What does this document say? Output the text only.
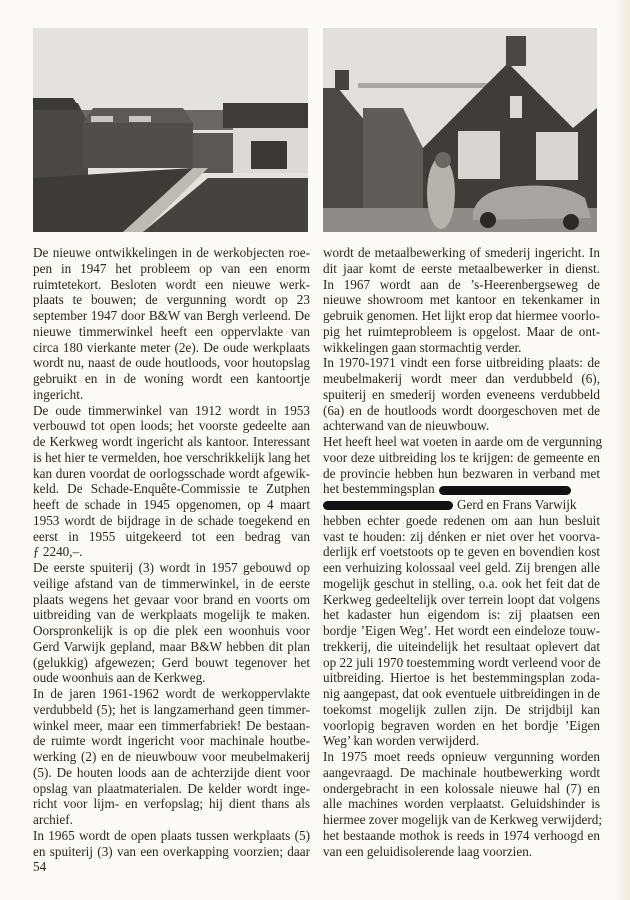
De nieuwe ontwikkelingen in de werkobjecten roe-
pen in 1947 het probleem op van een enorm
ruimtetekort. Besloten wordt een nieuwe werk-
plaats te bouwen; de vergunning wordt op 23
september 1947 door B&W van Bergh verleend. De
nieuwe timmerwinkel heeft een oppervlakte van
circa 180 vierkante meter (2e). De oude werkplaats
wordt nu, naast de oude houtloods, voor houtopslag
gebruikt en in de woning wordt een kantoortje
ingericht.
De oude timmerwinkel van 1912 wordt in 1953
verbouwd tot open loods; het voorste gedeelte aan
de Kerkweg wordt ingericht als kantoor. Interessant
is het hier te vermelden, hoe verschrikkelijk lang het
kan duren voordat de oorlogsschade wordt afgewik-
keld. De Schade-Enquête-Commissie te Zutphen
heeft de schade in 1945 opgenomen, op 4 maart
1953 wordt de bijdrage in de schade toegekend en
eerst in 1955 uitgekeerd tot een bedrag van
ƒ 2240,–.
De eerste spuiterij (3) wordt in 1957 gebouwd op
veilige afstand van de timmerwinkel, in de eerste
plaats wegens het gevaar voor brand en voorts om
uitbreiding van de werkplaats mogelijk te maken.
Oorspronkelijk is op die plek een woonhuis voor
Gerd Varwijk gepland, maar B&W hebben dit plan
(gelukkig) afgewezen; Gerd bouwt tegenover het
oude woonhuis aan de Kerkweg.
In de jaren 1961-1962 wordt de werkoppervlakte
verdubbeld (5); het is langzamerhand geen timmer-
winkel meer, maar een timmerfabriek! De bestaan-
de ruimte wordt ingericht voor machinale houtbe-
werking (2) en de nieuwbouw voor meubelmakerij
(5). De houten loods aan de achterzijde dient voor
opslag van plaatmaterialen. De kelder wordt inge-
richt voor lijm- en verfopslag; hij dient thans als
archief.
In 1965 wordt de open plaats tussen werkplaats (5)
en spuiterij (3) van een overkapping voorzien; daar
wordt de metaalbewerking of smederij ingericht. In
dit jaar komt de eerste metaalbewerker in dienst.
In 1967 wordt aan de ’s-Heerenbergseweg de
nieuwe showroom met kantoor en tekenkamer in
gebruik genomen. Het lijkt erop dat hiermee voorlo-
pig het ruimteprobleem is opgelost. Maar de ont-
wikkelingen gaan stormachtig verder.
In 1970-1971 vindt een forse uitbreiding plaats: de
meubelmakerij wordt meer dan verdubbeld (6),
spuiterij en smederij worden eveneens verdubbeld
(6a) en de houtloods wordt doorgeschoven met de
achterwand van de nieuwbouw.
Het heeft heel wat voeten in aarde om de vergunning
voor deze uitbreiding los te krijgen: de gemeente en
de provincie hebben hun bezwaren in verband met
het bestemmingsplan
Gerd en Frans Varwijk
hebben echter goede redenen om aan hun besluit
vast te houden: zij dénken er niet over het voorva-
derlijk erf voetstoots op te geven en bovendien kost
een verhuizing kolossaal veel geld. Zij brengen alle
mogelijk geschut in stelling, o.a. ook het feit dat de
Kerkweg gedeeltelijk over terrein loopt dat volgens
het kadaster hun eigendom is: zij plaatsen een
bordje ’Eigen Weg’. Het wordt een eindeloze touw-
trekkerij, die uiteindelijk het resultaat oplevert dat
op 22 juli 1970 toestemming wordt verleend voor de
uitbreiding. Hiertoe is het bestemmingsplan zoda-
nig aangepast, dat ook eventuele uitbreidingen in de
toekomst mogelijk zullen zijn. De strijdbijl kan
voorlopig begraven worden en het bordje ’Eigen
Weg’ kan worden verwijderd.
In 1975 moet reeds opnieuw vergunning worden
aangevraagd. De machinale houtbewerking wordt
ondergebracht in een kolossale nieuwe hal (7) en
alle machines worden verplaatst. Geluidshinder is
hiermee zover mogelijk van de Kerkweg verwijderd;
het bestaande mothok is reeds in 1974 verhoogd en
van een geluidisolerende laag voorzien.
54
